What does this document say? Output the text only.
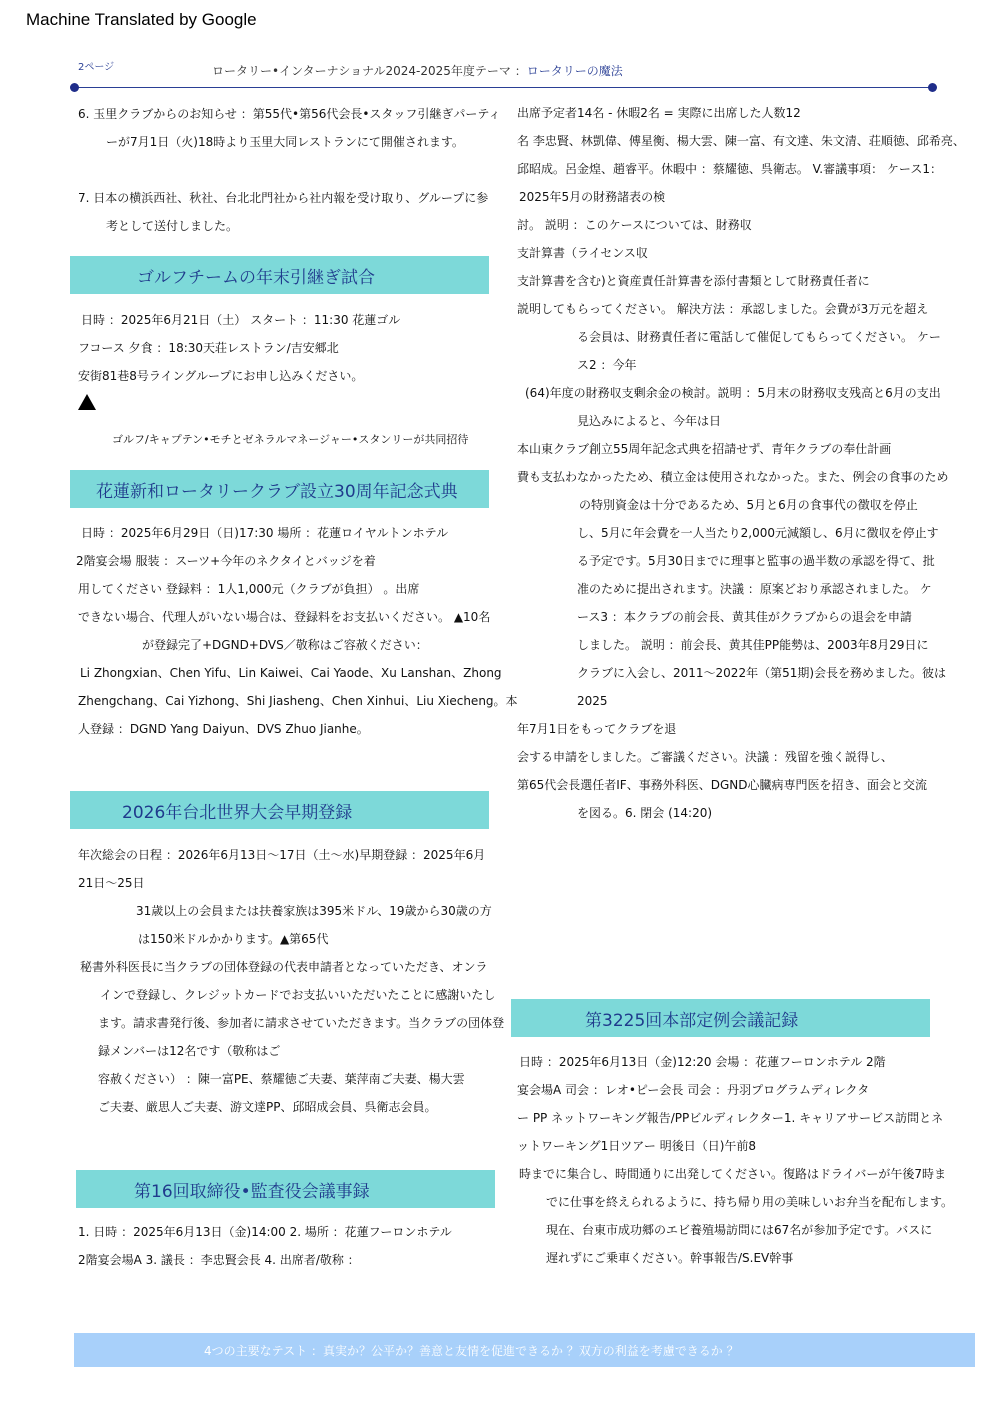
Machine Translated by Google
2ページ	ロータリー•インターナショナル2024-2025年度テーマ ：ロータリーの魔法

6. 玉里クラブからのお知らせ ：第55代•第56代会長•スタッフ引継ぎパーティ

ーが7月1日（火)18時より玉里大同レストランにて開催されます。

7. 日本の横浜西社、秋社、台北北門社から社内報を受け取り、グループに参

考として送付しました。

ゴルフチームの年末引継ぎ試合

日時 ：2025年6月21日（土） スタート ：11:30 花蓮ゴル

フコース 夕食 ：18:30天荘レストラン/吉安郷北

安街81巷8号ライングループにお申し込みください。

ゴルフ/キャプテン•モチとゼネラルマネージャー•スタンリーが共同招待

花蓮新和ロータリークラブ設立30周年記念式典

日時 ：2025年6月29日（日)17:30 場所 ：花蓮ロイヤルトンホテル

2階宴会場 服装 ：スーツ+今年のネクタイとバッジを着

用してください 登録料 ：1人1,000元（クラブが負担） 。出席

できない場合、代理人がいない場合は、登録料をお支払いください。 ▲10名

が登録完了+DGND+DVS／敬称はご容赦ください：

Li Zhongxian、Chen Yifu、Lin Kaiwei、Cai Yaode、Xu Lanshan、Zhong

Zhengchang、Cai Yizhong、Shi Jiasheng、Chen Xinhui、Liu Xiecheng。本

人登録 ：DGND Yang Daiyun、DVS Zhuo Jianhe。

2026年台北世界大会早期登録

年次総会の日程 ：2026年6月13日～17日（土～水)早期登録 ：2025年6月

21日～25日

31歳以上の会員または扶養家族は395米ドル、19歳から30歳の方

は150米ドルかかります。▲第65代

秘書外科医長に当クラブの団体登録の代表申請者となっていただき、オンラ

インで登録し、クレジットカードでお支払いいただいたことに感謝いたし

ます。請求書発行後、参加者に請求させていただきます。当クラブの団体登

録メンバーは12名です（敬称はご

容赦ください） ：陳一富PE、蔡耀徳ご夫妻、葉萍南ご夫妻、楊大雲

ご夫妻、厳思人ご夫妻、游文達PP、邱昭成会員、呉衛志会員。

第16回取締役•監査役会議事録

1. 日時 ：2025年6月13日（金)14:00 2. 場所 ：花蓮フーロンホテル

2階宴会場A 3. 議長 ：李忠賢会長 4. 出席者/敬称 ：

出席予定者14名 - 休暇2名 = 実際に出席した人数12

名 李忠賢、林凱偉、傅星衡、楊大雲、陳一富、有文達、朱文清、荘順徳、邱希亮、

邱昭成。呂金煌、趙睿平。休暇中 ：蔡耀徳、呉衛志。 V.審議事項： ケース1：

2025年5月の財務諸表の検

討。 説明 ：このケースについては、財務収

支計算書（ライセンス収

支計算書を含む)と資産責任計算書を添付書類として財務責任者に

説明してもらってください。 解決方法 ：承認しました。会費が3万元を超え

る会員は、財務責任者に電話して催促してもらってください。 ケー

ス2 ：今年

(64)年度の財務収支剰余金の検討。説明 ：5月末の財務収支残高と6月の支出

見込みによると、今年は日

本山東クラブ創立55周年記念式典を招請せず、青年クラブの奉仕計画

費も支払わなかったため、積立金は使用されなかった。また、例会の食事のため

の特別資金は十分であるため、5月と6月の食事代の徴収を停止

し、5月に年会費を一人当たり2,000元減額し、6月に徴収を停止す

る予定です。5月30日までに理事と監事の過半数の承認を得て、批

准のために提出されます。決議 ：原案どおり承認されました。 ケ

ース3 ：本クラブの前会長、黄其佳がクラブからの退会を申請

しました。 説明 ：前会長、黄其佳PP能勢は、2003年8月29日に

クラブに入会し、2011～2022年（第51期)会長を務めました。彼は

2025

年7月1日をもってクラブを退

会する申請をしました。ご審議ください。決議 ：残留を強く説得し、

第65代会長選任者IF、事務外科医、DGND心臓病専門医を招き、面会と交流

を図る。6. 閉会 (14:20)

第3225回本部定例会議記録

日時 ：2025年6月13日（金)12:20 会場 ：花蓮フーロンホテル 2階

宴会場A 司会 ：レオ•ピー会長 司会 ：丹羽プログラムディレクタ

ー PP ネットワーキング報告/PPビルディレクター1. キャリアサービス訪問とネ

ットワーキング1日ツアー 明後日（日)午前8

時までに集合し、時間通りに出発してください。復路はドライバーが午後7時ま

でに仕事を終えられるように、持ち帰り用の美味しいお弁当を配布します。

現在、台東市成功郷のエビ養殖場訪問には67名が参加予定です。バスに

遅れずにご乗車ください。幹事報告/S.EV幹事

4つの主要なテスト ：真実か？公平か？善意と友情を促進できるか ？双方の利益を考慮できるか ？
